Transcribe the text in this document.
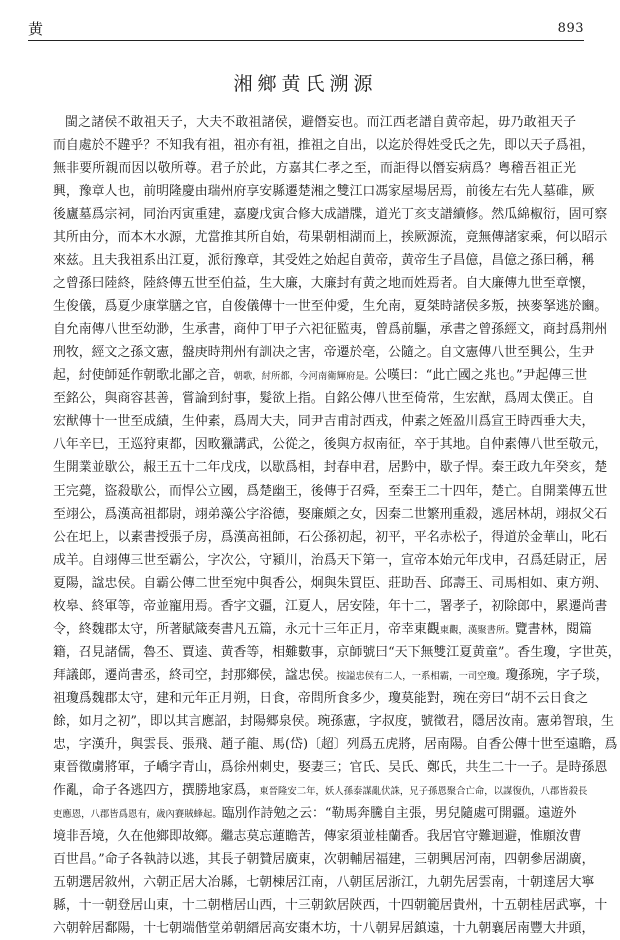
黄	893
湘鄉黄氏溯源
閩之諸侯不敢祖天子，大夫不敢祖諸侯，避僭妄也。而江西老譜自黄帝起，毋乃敢祖天子
而自處於不韙乎？不知我有祖，祖亦有祖，推祖之自出，以迄於得姓受氏之先，即以天子爲祖，
無非要所親而因以敬所尊。君子於此，方嘉其仁孝之至，而詎得以僭妄病爲？粵稽吾祖正光
興，豫章人也，前明隆慶由瑞州府享安縣遷楚湘之雙江口馮家屋場居焉，前後左右先人墓碓，厥
後廬墓爲宗祠，同治丙寅重建，嘉慶戊寅合修大成譜牒，道光丁亥支譜續修。然瓜綿椒衍，固可察
其所由分，而本木水源，尤當推其所自始，苟果朝相湖而上，挨厥源流，竟無傳諸家乘，何以昭示
來兹。且夫我祖系出江夏，派衍豫章，其受姓之始起自黄帝，黄帝生子昌億，昌億之孫曰稱，稱
之曾孫曰陸終，陸終傳五世至伯益，生大廉，大廉封有黄之地而姓焉者。自大廉傳九世至章懷，
生俊儀，爲夏少康掌膳之官，自俊儀傳十一世至仲愛，生允南，夏桀時諸侯多叛，挾麥拏逃於豳。
自允南傳八世至幼渺，生承書，商仲丁甲子六祀征監夷，曾爲前驅，承書之曾孫經文，商封爲荆州
刑牧，經文之孫文憲，盤庚時荆州有訓决之害，帝遷於亳，公隨之。自文憲傳八世至興公，生尹
起，紂使師延作朝歌北鄙之音，朝歌，紂所都，今河南衛輝府是。公嘆曰：“此亡國之兆也。”尹起傳三世
至銘公，與商容甚善，嘗論到紂事，髮欲上指。自銘公傳八世至倚常，生宏猷，爲周太僕正。自
宏猷傳十一世至成績，生仲素，爲周大夫，同尹吉甫討西戎，仲素之姪盈川爲宣王時西垂大夫，
八年辛巳，王巡狩東都，因畋獵講武，公從之，後與方叔南征，卒于其地。自仲素傳八世至敬元，
生開業並歇公，赧王五十二年戊戌，以歇爲相，封春申君，居黔中，歇子悍。秦王政九年癸亥，楚
王完薨，盜殺歇公，而悍公立國，爲楚幽王，後傳于召舜，至秦王二十四年，楚亡。自開業傳五世
至翊公，爲漢高祖都尉，翊弟藻公字浴德，娶廉頗之女，因秦二世繁刑重殺，逃居林胡，翊叔父石
公在圯上，以素書授張子房，爲漢高祖師，石公孫初起，初平，平名赤松子，得道於金華山，叱石
成羊。自翊傳三世至霸公，字次公，守潁川，治爲天下第一，宣帝本始元年戊申，召爲廷尉正，居
夏陽，諡忠侯。自霸公傳二世至宛中與香公，炯與朱買臣、莊助吾、邱壽王、司馬相如、東方朔、
枚皋、終軍等，帝並寵用焉。香字文疆，江夏人，居安陸，年十二，署孝子，初除郎中，累遷尚書
令，終魏郡太守，所著賦箴奏書凡五篇，永元十三年正月，帝幸東觀東觀，漢聚書所。覽書林，閱篇
籍，召見諸儒，魯丕、賈逵、黄香等，相難數事，京師號曰“天下無雙江夏黄童”。香生瓊，字世英，
拜議郎，遷尚書丞，終司空，封那鄉侯，諡忠侯。按謚忠侯有二人，一系相霸，一司空瓊。瓊孫琬，字子琰，
祖瓊爲魏郡太守，建和元年正月朔，日食，帝問所食多少，瓊莫能對，琬在旁曰“胡不云日食之
餘，如月之初”，即以其言應詔，封陽郷泉侯。琬孫憲，字叔度，號徵君，隱居汝南。憲弟智琅，生
忠，字漢升，與雲長、張飛、趙子龍、馬(岱)〔超〕列爲五虎將，居南陽。自香公傳十世至遠瞻，爲
東晉徵虜將軍，子嶠字青山，爲徐州刺史，娶妻三；官氏、吴氏、鄭氏，共生二十一子。是時孫恩
作亂，命子各逃四方，撰勝地家爲，東晉隆安二年，妖人孫泰謀亂伏誅，兄子孫恩聚合亡命，以謀復仇，八郡皆殺長
吏應恩，八郡皆爲恩有，歲內賽賊蜂起。臨別作詩勉之云：“勒馬奔騰自主張，男兒隨處可開疆。遠遊外
境非吾境，久在他鄉即故鄉。繼志莫忘蓮瞻苦，傳家須並桂蘭香。我居官守難迴避，惟願汝曹
百世昌。”命子各執詩以逃，其長子朝贊居廣東，次朝輔居福建，三朝興居河南，四朝參居湖廣，
五朝選居敘州，六朝正居大冶縣，七朝棟居江南，八朝匡居浙江，九朝先居雲南，十朝達居大寧
縣，十一朝登居山東，十二朝楷居山西，十三朝欽居陝西，十四朝範居貴州，十五朝桂居武寧，十
六朝幹居鄱陽，十七朝端偕堂弟朝縉居高安棗木坊，十八朝昇居鎮遠，十九朝襄居南豐大井頭，
